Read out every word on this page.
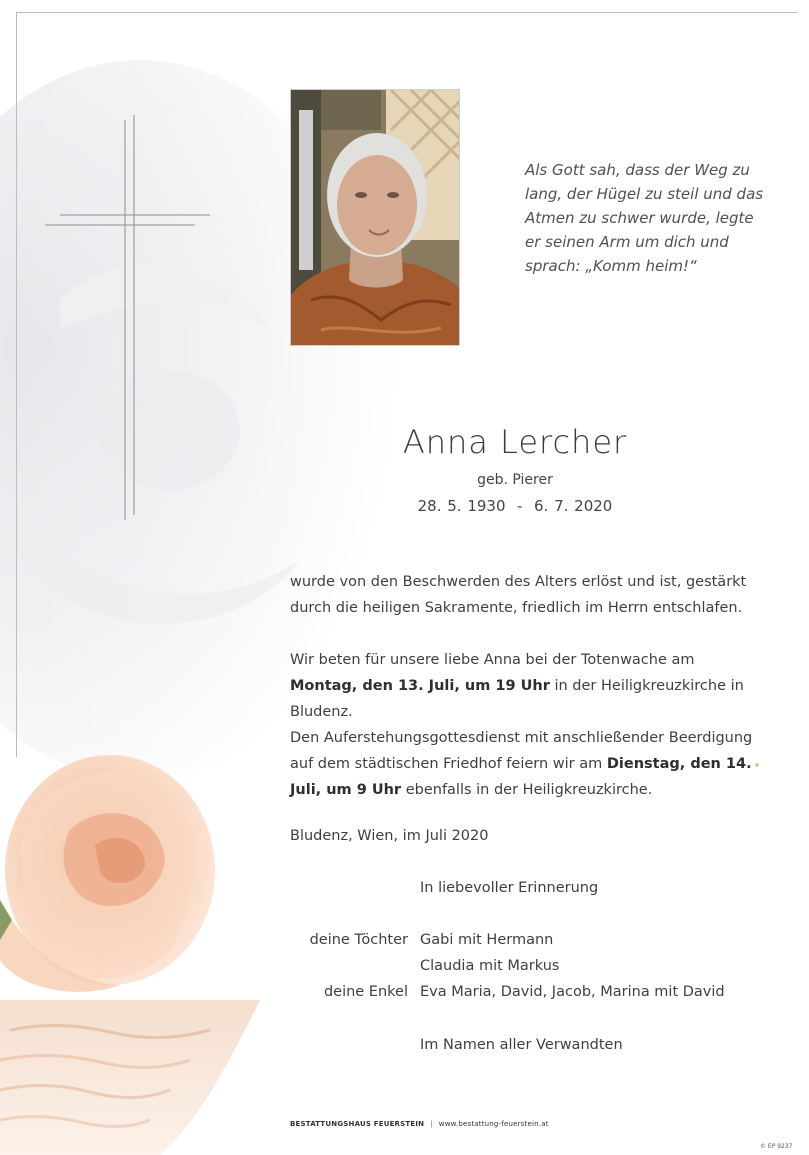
Als Gott sah, dass der Weg zu
lang, der Hügel zu steil und das
Atmen zu schwer wurde, legte
er seinen Arm um dich und
sprach: „Komm heim!“
Anna Lercher
geb. Pierer
28. 5. 1930  -  6. 7. 2020

wurde von den Beschwerden des Alters erlöst und ist, gestärkt durch die heiligen Sakramente, friedlich im Herrn entschlafen.

Wir beten für unsere liebe Anna bei der Totenwache am Montag, den 13. Juli, um 19 Uhr in der Heiligkreuzkirche in Bludenz.

Den Auferstehungsgottesdienst mit anschließender Beerdigung auf dem städtischen Friedhof feiern wir am Dienstag, den 14. Juli, um 9 Uhr ebenfalls in der Heiligkreuzkirche.

Bludenz, Wien, im Juli 2020
In liebevoller Erinnerung
deine Töchter Gabi mit Hermann
Claudia mit Markus
deine Enkel Eva Maria, David, Jacob, Marina mit David
Im Namen aller Verwandten
BESTATTUNGSHAUS FEUERSTEIN | www.bestattung-feuerstein.at
© EP 9237
